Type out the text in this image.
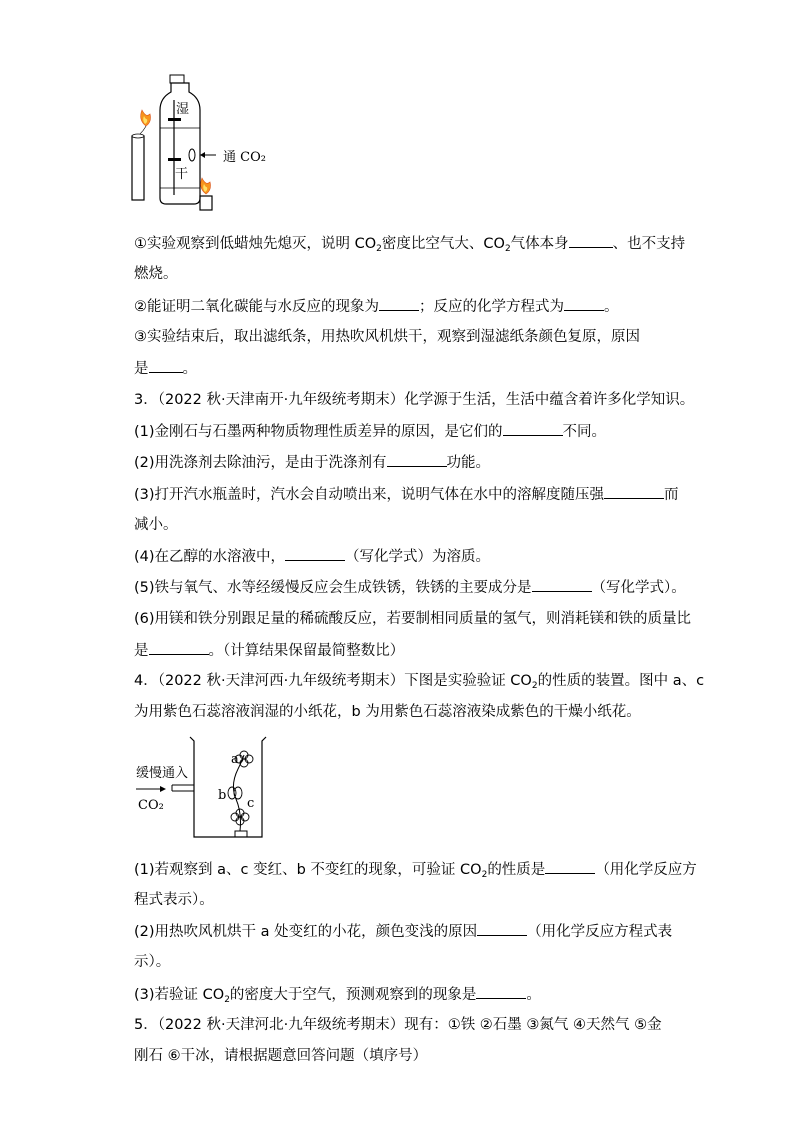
湿
干
通 CO₂
①实验观察到低蜡烛先熄灭，说明 $CO_2$密度比空气大、$CO_2$气体本身	、也不支持
燃烧。
②能证明二氧化碳能与水反应的现象为	；反应的化学方程式为	。
③实验结束后，取出滤纸条，用热吹风机烘干，观察到湿滤纸条颜色复原，原因
是 。
3．（2022 秋·天津南开·九年级统考期末）化学源于生活，生活中蕴含着许多化学知识。
(1)金刚石与石墨两种物质物理性质差异的原因，是它们的	不同。
(2)用洗涤剂去除油污，是由于洗涤剂有	功能。
(3)打开汽水瓶盖时，汽水会自动喷出来，说明气体在水中的溶解度随压强	而
减小。
(4)在乙醇的水溶液中，	（写化学式）为溶质。
(5)铁与氧气、水等经缓慢反应会生成铁锈，铁锈的主要成分是	（写化学式）。
(6)用镁和铁分别跟足量的稀硫酸反应，若要制相同质量的氢气，则消耗镁和铁的质量比
是	。（计算结果保留最简整数比）
4．（2022 秋·天津河西·九年级统考期末）下图是实验验证 $CO_2$的性质的装置。图中 a、c
为用紫色石蕊溶液润湿的小纸花，b 为用紫色石蕊溶液染成紫色的干燥小纸花。
缓慢通入
CO₂
a
b
c
(1)若观察到 a、c 变红、b 不变红的现象，可验证 $CO_2$的性质是	（用化学反应方
程式表示）。
(2)用热吹风机烘干 a 处变红的小花，颜色变浅的原因	（用化学反应方程式表
示）。
(3)若验证 $CO_2$的密度大于空气，预测观察到的现象是	。
5．（2022 秋·天津河北·九年级统考期末）现有：①铁 ②石墨 ③氮气 ④天然气 ⑤金
刚石 ⑥干冰，请根据题意回答问题（填序号）
